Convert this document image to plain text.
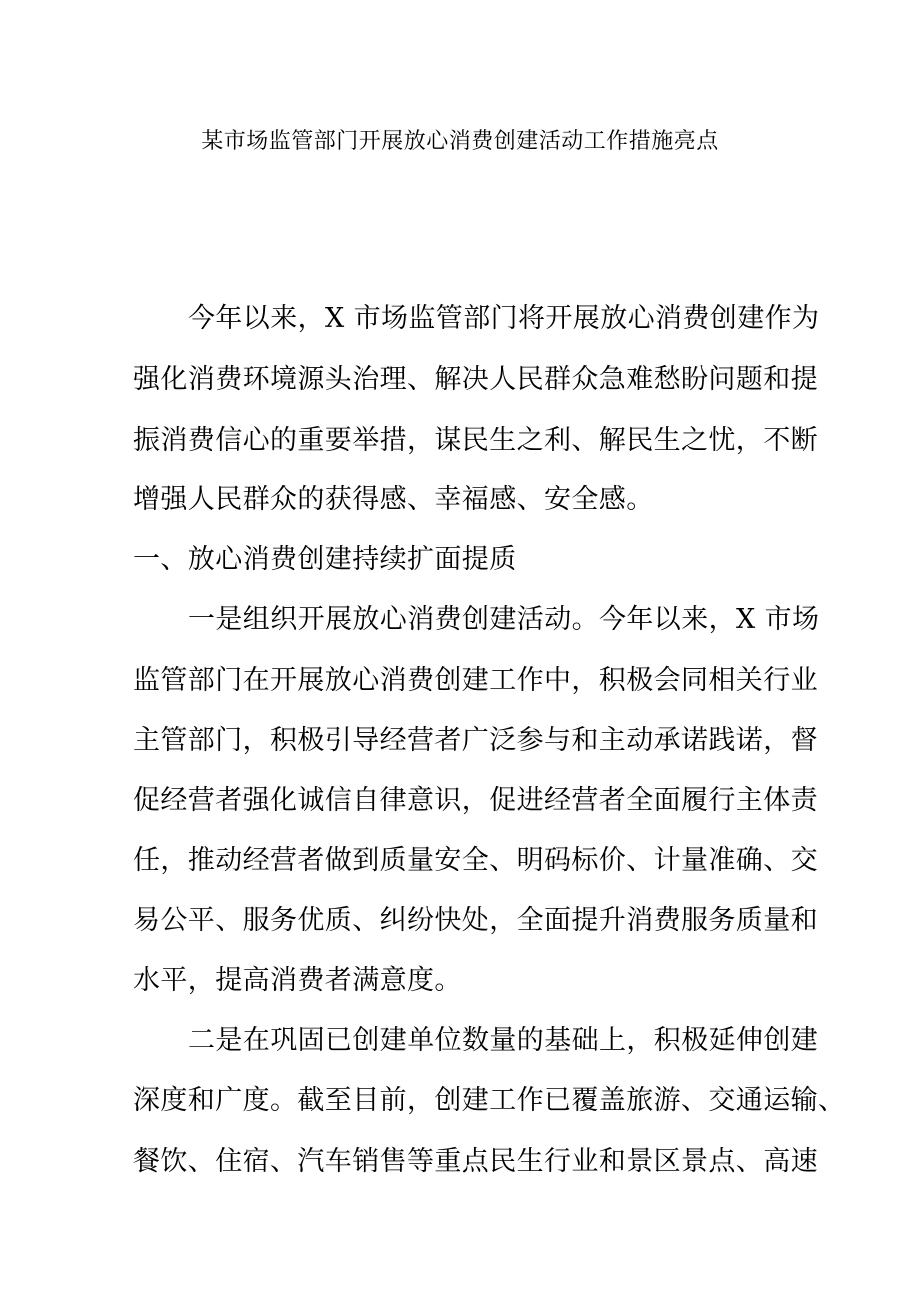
某市场监管部门开展放心消费创建活动工作措施亮点
今年以来，X 市场监管部门将开展放心消费创建作为
强化消费环境源头治理、解决人民群众急难愁盼问题和提
振消费信心的重要举措，谋民生之利、解民生之忧，不断
增强人民群众的获得感、幸福感、安全感。
一、放心消费创建持续扩面提质
一是组织开展放心消费创建活动。今年以来，X 市场
监管部门在开展放心消费创建工作中，积极会同相关行业
主管部门，积极引导经营者广泛参与和主动承诺践诺，督
促经营者强化诚信自律意识，促进经营者全面履行主体责
任，推动经营者做到质量安全、明码标价、计量准确、交
易公平、服务优质、纠纷快处，全面提升消费服务质量和
水平，提高消费者满意度。
二是在巩固已创建单位数量的基础上，积极延伸创建
深度和广度。截至目前，创建工作已覆盖旅游、交通运输、
餐饮、住宿、汽车销售等重点民生行业和景区景点、高速
